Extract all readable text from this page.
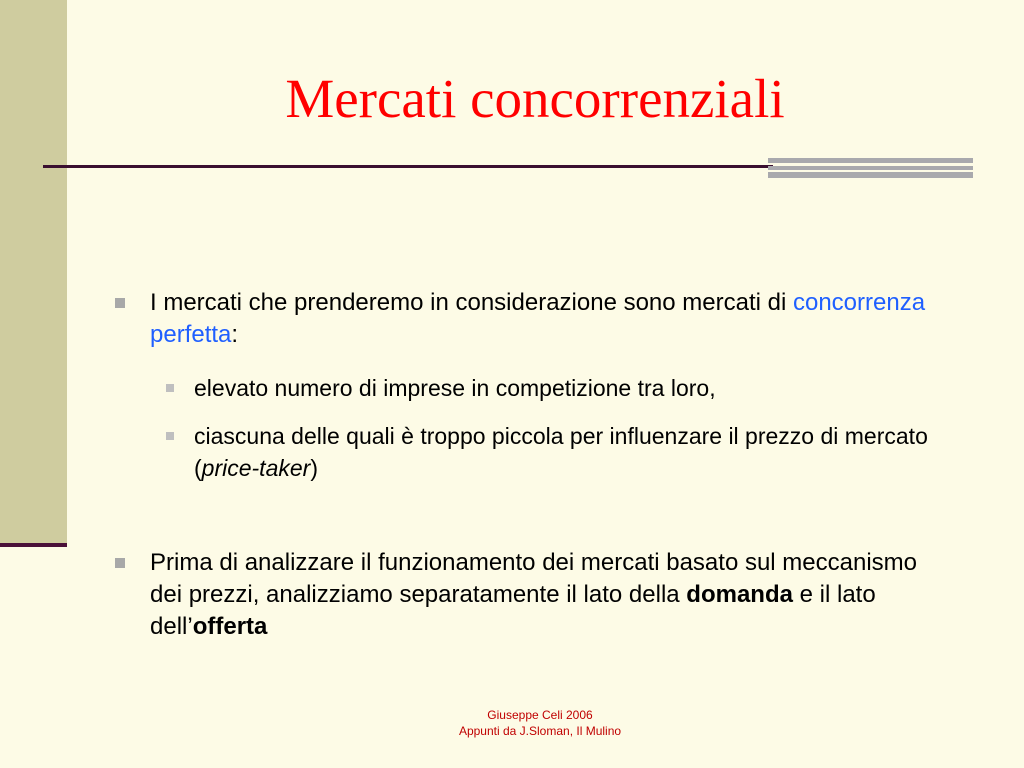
Mercati concorrenziali
I mercati che prenderemo in considerazione sono mercati di concorrenza perfetta:
elevato numero di imprese in competizione tra loro,
ciascuna delle quali è troppo piccola per influenzare il prezzo di mercato (price-taker)
Prima di analizzare il funzionamento dei mercati basato sul meccanismo dei prezzi, analizziamo separatamente il lato della domanda e il lato dell’offerta
Giuseppe Celi 2006
Appunti da J.Sloman, Il Mulino
